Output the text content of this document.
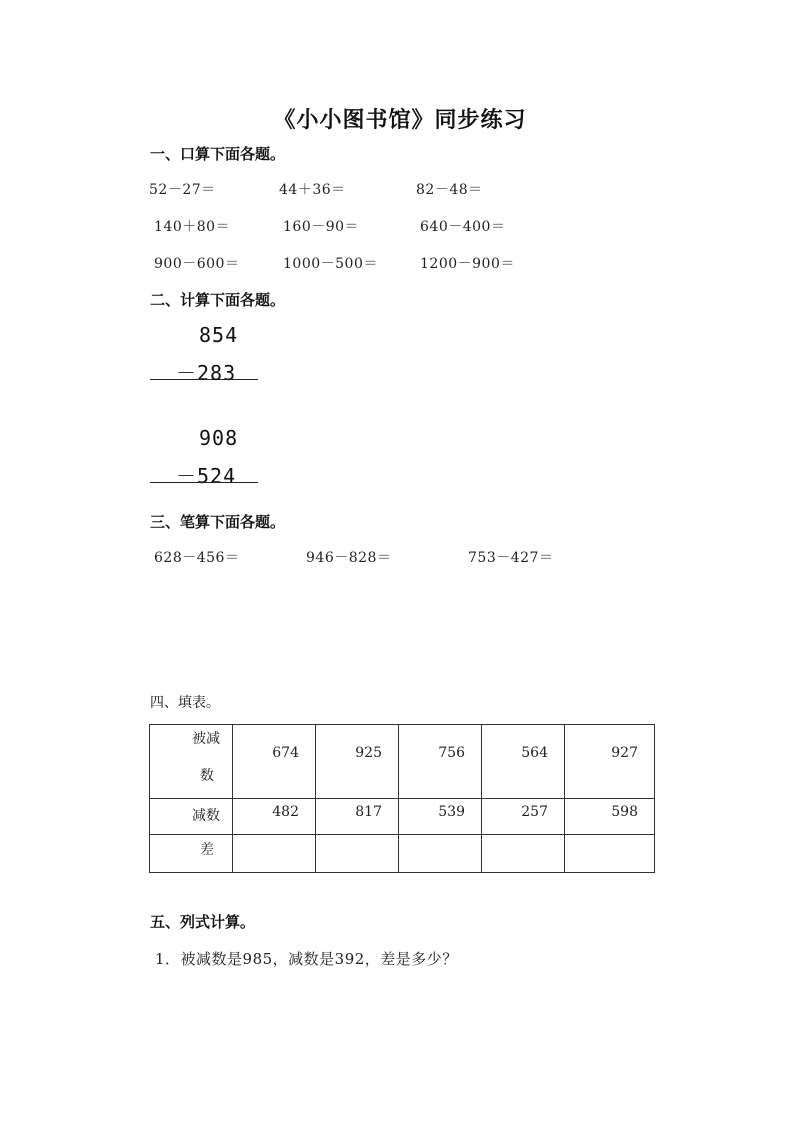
《小小图书馆》同步练习
一、口算下面各题。
52－27＝	44＋36＝	82－48＝
140＋80＝	160－90＝	640－400＝
900－600＝	1000－500＝	1200－900＝
二、计算下面各题。
854
－283
908
－524
三、笔算下面各题。
628－456＝	946－828＝	753－427＝
四、填表。
被减
数	674	925	756	564	927

减数	482	817	539	257	598

差					

五、列式计算。
1．被减数是985，减数是392，差是多少？
